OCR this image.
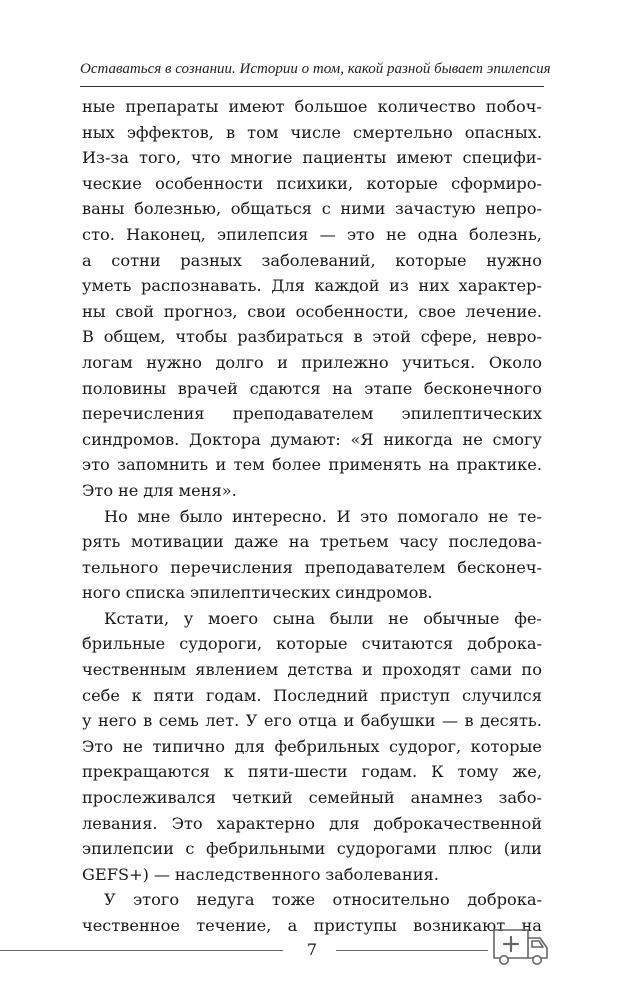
Оставаться в сознании. Истории о том, какой разной бывает эпилепсия
ные препараты имеют большое количество побоч-
ных эффектов, в том числе смертельно опасных.
Из-за того, что многие пациенты имеют специфи-
ческие особенности психики, которые сформиро-
ваны болезнью, общаться с ними зачастую непро-
сто. Наконец, эпилепсия — это не одна болезнь,
а сотни разных заболеваний, которые нужно
уметь распознавать. Для каждой из них характер-
ны свой прогноз, свои особенности, свое лечение.
В общем, чтобы разбираться в этой сфере, невро-
логам нужно долго и прилежно учиться. Около
половины врачей сдаются на этапе бесконечного
перечисления преподавателем эпилептических
синдромов. Доктора думают: «Я никогда не смогу
это запомнить и тем более применять на практике.
Это не для меня».
Но мне было интересно. И это помогало не те-
рять мотивации даже на третьем часу последова-
тельного перечисления преподавателем бесконеч-
ного списка эпилептических синдромов.
Кстати, у моего сына были не обычные фе-
брильные судороги, которые считаются доброка-
чественным явлением детства и проходят сами по
себе к пяти годам. Последний приступ случился
у него в семь лет. У его отца и бабушки — в десять.
Это не типично для фебрильных судорог, которые
прекращаются к пяти-шести годам. К тому же,
прослеживался четкий семейный анамнез забо-
левания. Это характерно для доброкачественной
эпилепсии с фебрильными судорогами плюс (или
GEFS+) — наследственного заболевания.
У этого недуга тоже относительно доброка-
чественное течение, а приступы возникают на
7
